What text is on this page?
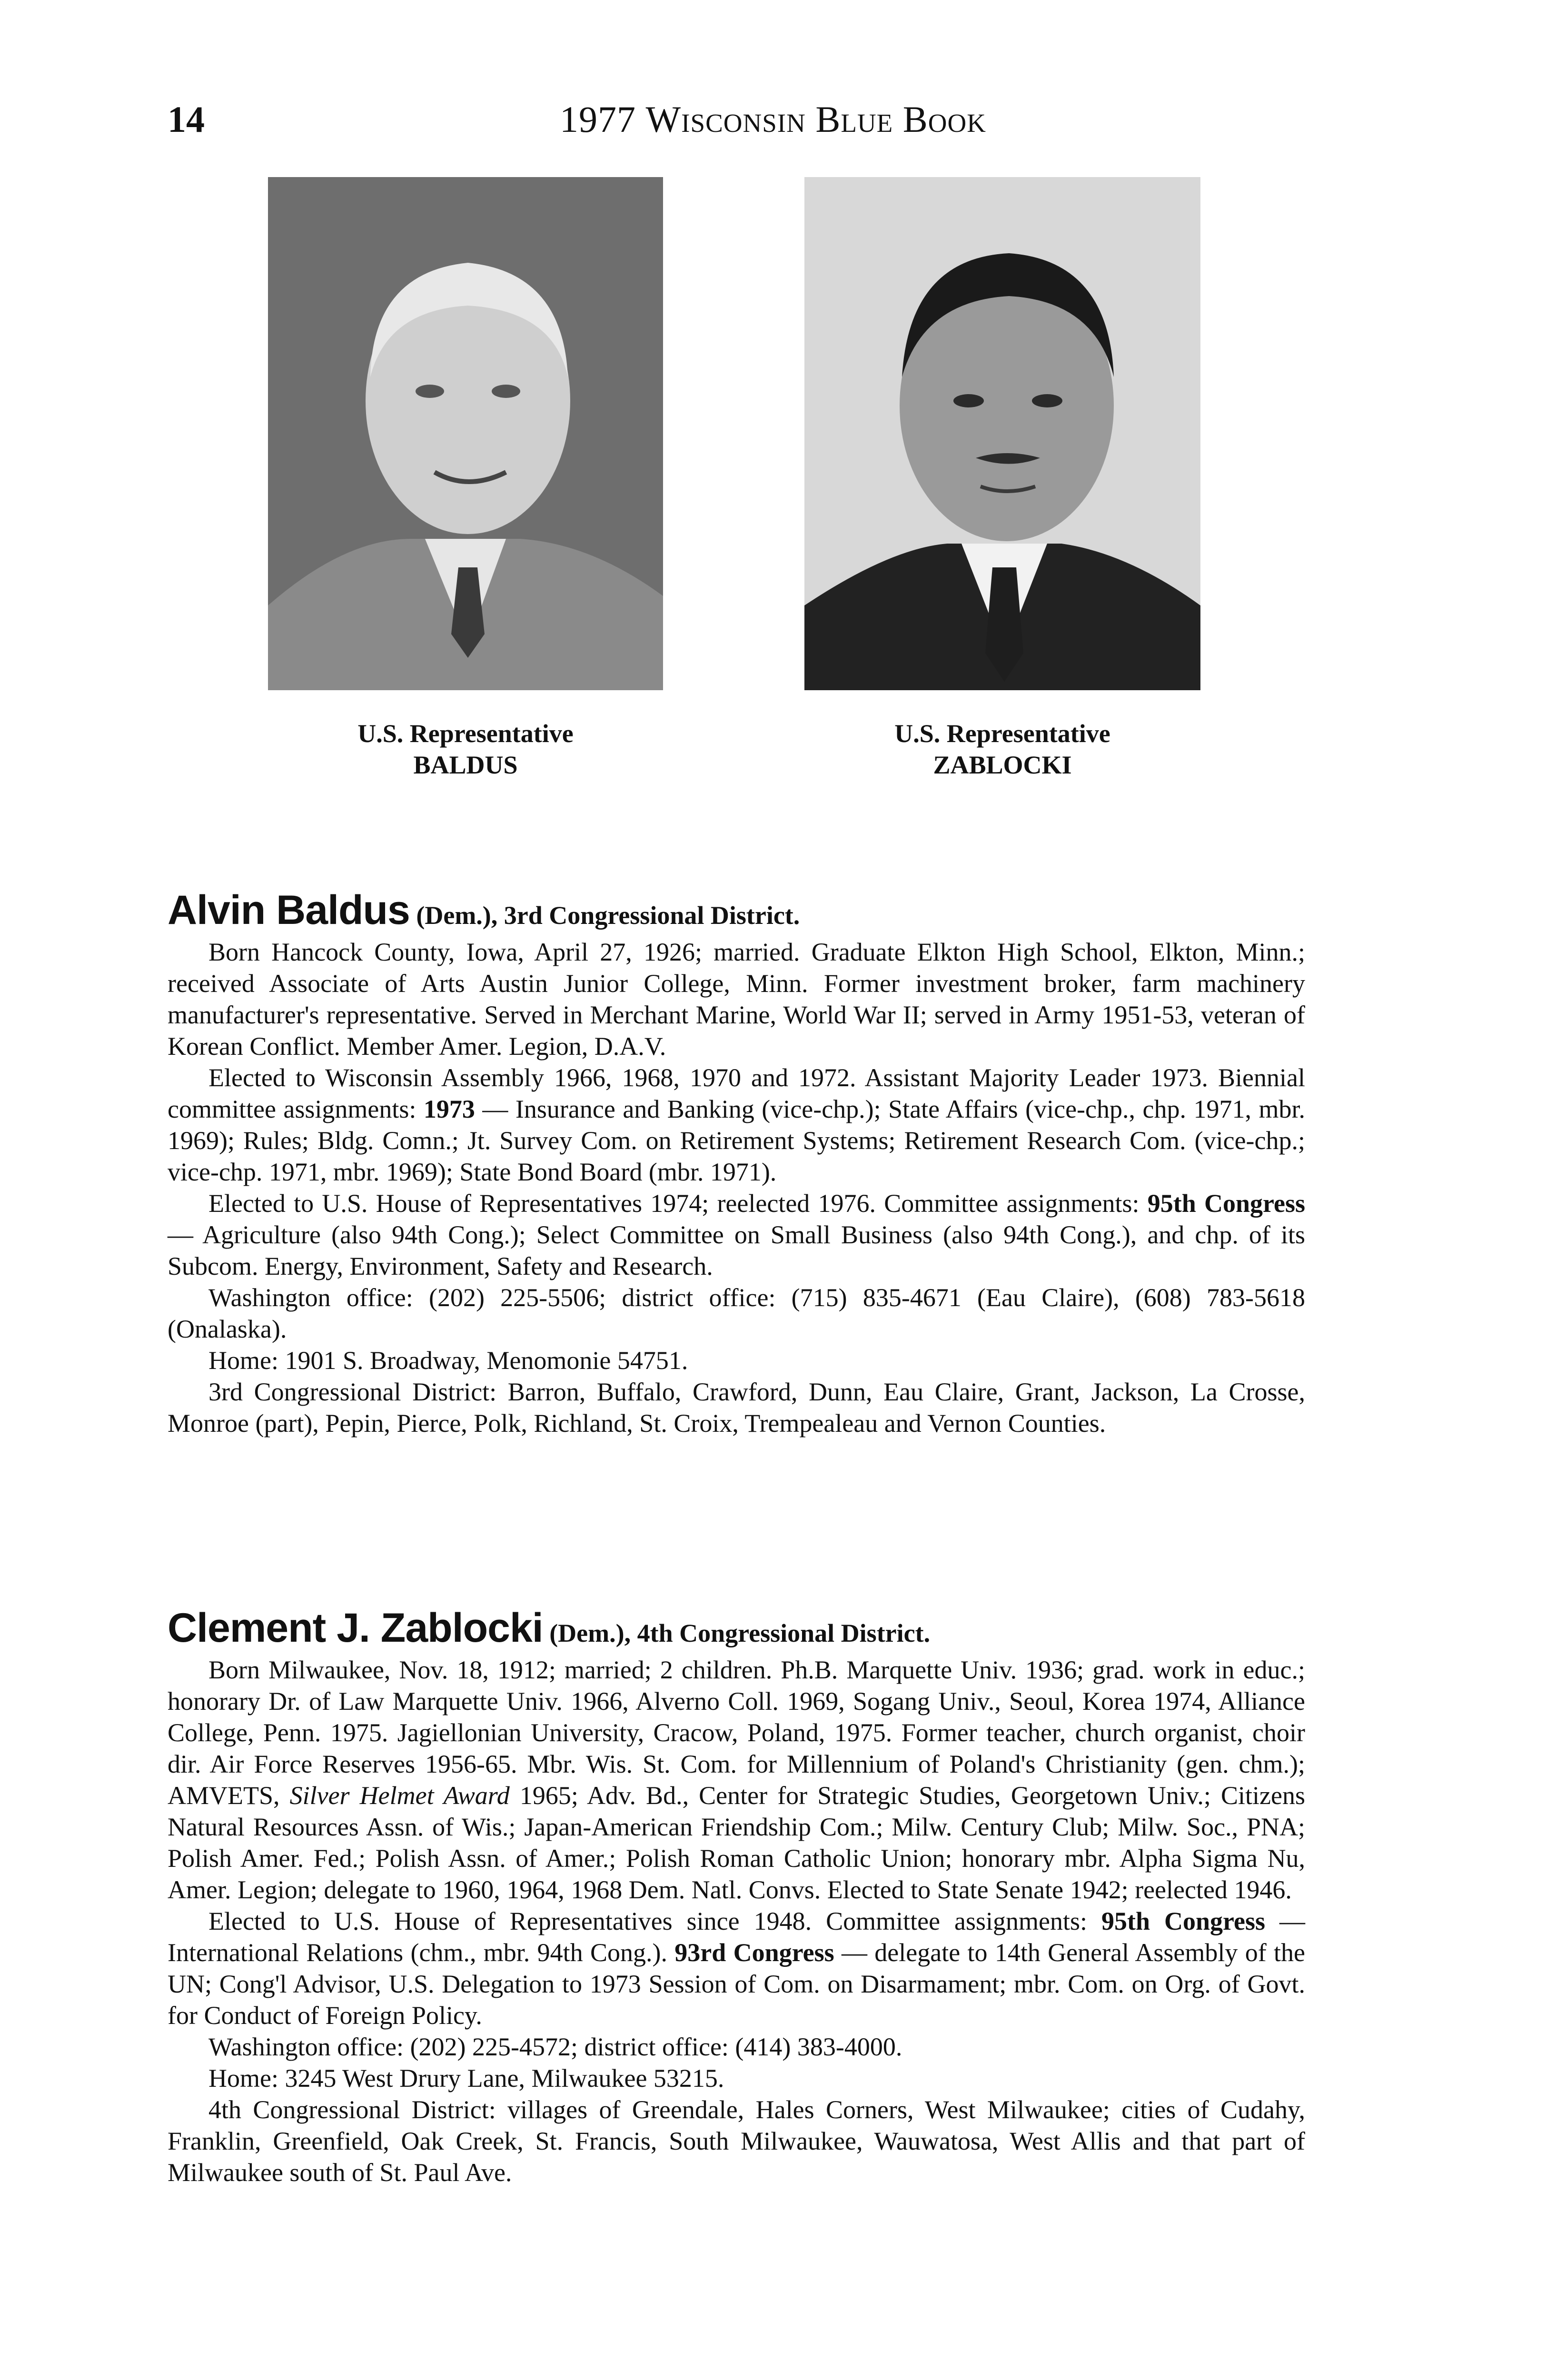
14	1977 Wisconsin Blue Book
U.S. Representative
BALDUS
U.S. Representative
ZABLOCKI
Alvin Baldus (Dem.), 3rd Congressional District.

Born Hancock County, Iowa, April 27, 1926; married. Graduate Elkton High School, Elkton, Minn.; received Associate of Arts Austin Junior College, Minn. Former investment broker, farm machinery manufacturer's representative. Served in Merchant Marine, World War II; served in Army 1951-53, veteran of Korean Conflict. Member Amer. Legion, D.A.V.

Elected to Wisconsin Assembly 1966, 1968, 1970 and 1972. Assistant Majority Leader 1973. Biennial committee assignments: 1973 — Insurance and Banking (vice-chp.); State Affairs (vice-chp., chp. 1971, mbr. 1969); Rules; Bldg. Comn.; Jt. Survey Com. on Retirement Systems; Retirement Research Com. (vice-chp.; vice-chp. 1971, mbr. 1969); State Bond Board (mbr. 1971).

Elected to U.S. House of Representatives 1974; reelected 1976. Committee assignments: 95th Congress — Agriculture (also 94th Cong.); Select Committee on Small Business (also 94th Cong.), and chp. of its Subcom. Energy, Environment, Safety and Research.

Washington office: (202) 225-5506; district office: (715) 835-4671 (Eau Claire), (608) 783-5618 (Onalaska).

Home: 1901 S. Broadway, Menomonie 54751.

3rd Congressional District: Barron, Buffalo, Crawford, Dunn, Eau Claire, Grant, Jackson, La Crosse, Monroe (part), Pepin, Pierce, Polk, Richland, St. Croix, Trempealeau and Vernon Counties.

Clement J. Zablocki (Dem.), 4th Congressional District.

Born Milwaukee, Nov. 18, 1912; married; 2 children. Ph.B. Marquette Univ. 1936; grad. work in educ.; honorary Dr. of Law Marquette Univ. 1966, Alverno Coll. 1969, Sogang Univ., Seoul, Korea 1974, Alliance College, Penn. 1975. Jagiellonian University, Cracow, Poland, 1975. Former teacher, church organist, choir dir. Air Force Reserves 1956-65. Mbr. Wis. St. Com. for Millennium of Poland's Christianity (gen. chm.); AMVETS, Silver Helmet Award 1965; Adv. Bd., Center for Strategic Studies, Georgetown Univ.; Citizens Natural Resources Assn. of Wis.; Japan-American Friendship Com.; Milw. Century Club; Milw. Soc., PNA; Polish Amer. Fed.; Polish Assn. of Amer.; Polish Roman Catholic Union; honorary mbr. Alpha Sigma Nu, Amer. Legion; delegate to 1960, 1964, 1968 Dem. Natl. Convs. Elected to State Senate 1942; reelected 1946.

Elected to U.S. House of Representatives since 1948. Committee assignments: 95th Congress — International Relations (chm., mbr. 94th Cong.). 93rd Congress — delegate to 14th General Assembly of the UN; Cong'l Advisor, U.S. Delegation to 1973 Session of Com. on Disarmament; mbr. Com. on Org. of Govt. for Conduct of Foreign Policy.

Washington office: (202) 225-4572; district office: (414) 383-4000.

Home: 3245 West Drury Lane, Milwaukee 53215.

4th Congressional District: villages of Greendale, Hales Corners, West Milwaukee; cities of Cudahy, Franklin, Greenfield, Oak Creek, St. Francis, South Milwaukee, Wauwatosa, West Allis and that part of Milwaukee south of St. Paul Ave.
